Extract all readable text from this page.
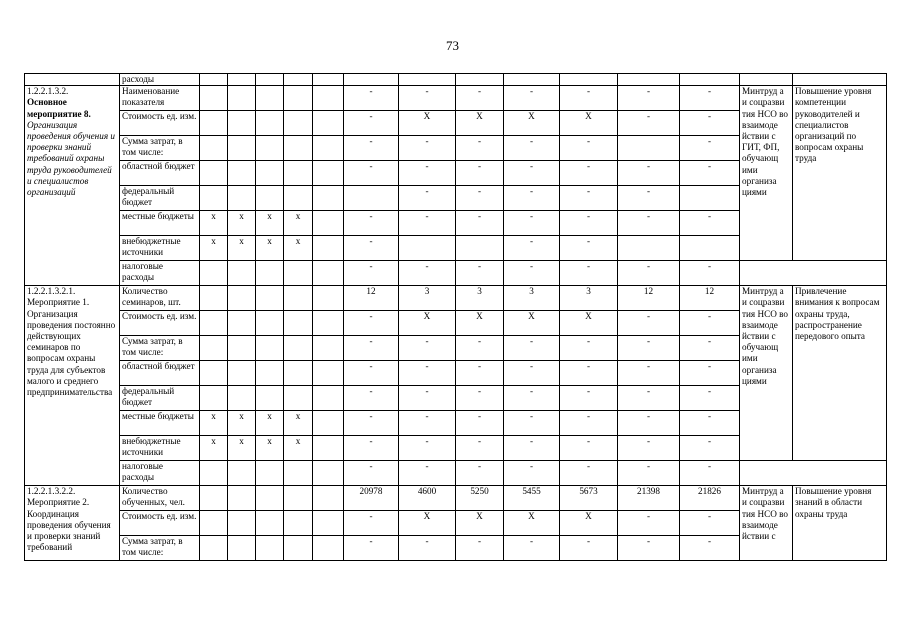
73
	расходы														

1.2.2.1.3.2.
Основное мероприятие 8.
Организация проведения обучения и проверки знаний требований охраны труда руководителей и специалистов организаций	Наименование показателя						-	-	-	-	-	-	-	Минтруд а и соцразви тия НСО во взаимоде йствии с ГИТ, ФП, обучающ ими организа циями	Повышение уровня компетенции руководителей и специалистов организаций по вопросам охраны труда
	Стоимость ед. изм.						-	X	X	X	X	-	-		
	Сумма затрат, в том числе:						-	-	-	-	-		-		
	областной бюджет						-	-	-	-	-	-	-		
	федеральный бюджет							-	-	-	-	-			
	местные бюджеты	x	x	x	x		-	-	-	-	-	-	-		
	внебюджетные источники	x	x	x	x		-			-	-				
	налоговые расходы						-	-	-	-	-	-	-		

1.2.2.1.3.2.1.
Мероприятие 1. Организация проведения постоянно действующих семинаров по вопросам охраны труда для субъектов малого и среднего предпринимательства	Количество семинаров, шт.						12	3	3	3	3	12	12	Минтруд а и соцразви тия НСО во взаимоде йствии с обучающ ими организа циями	Привлечение внимания к вопросам охраны труда, распространение передового опыта
	Стоимость ед. изм.						-	X	X	X	X	-	-		
	Сумма затрат, в том числе:						-	-	-	-	-	-	-		
	областной бюджет						-	-	-	-	-	-	-		
	федеральный бюджет						-	-	-	-	-	-	-		
	местные бюджеты	x	x	x	x		-	-	-	-	-	-	-		
	внебюджетные источники	x	x	x	x		-	-	-	-	-	-	-		
	налоговые расходы						-	-	-	-	-	-	-		

1.2.2.1.3.2.2.
Мероприятие 2. Координация проведения обучения и проверки знаний требований	Количество обученных, чел.						20978	4600	5250	5455	5673	21398	21826	Минтруд а и соцразви тия НСО во взаимоде йствии с	Повышение уровня знаний в области охраны труда
	Стоимость ед. изм.						-	X	X	X	X	-	-		
	Сумма затрат, в том числе:						-	-	-	-	-	-	-		
